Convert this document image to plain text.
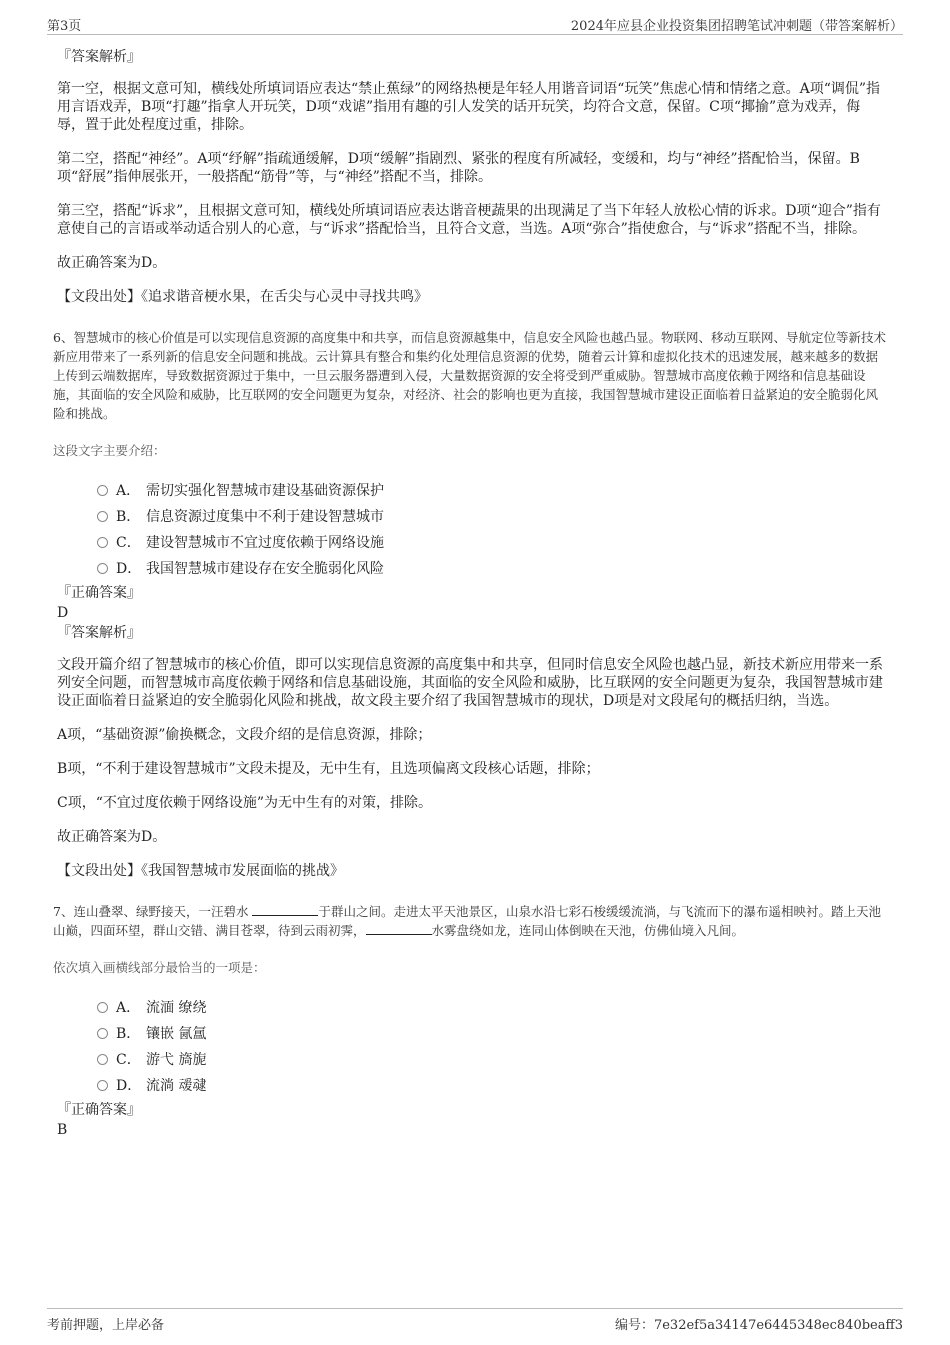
第3页	2024年应县企业投资集团招聘笔试冲刺题（带答案解析）

『答案解析』

第一空，根据文意可知，横线处所填词语应表达“禁止蕉绿”的网络热梗是年轻人用谐音词语“玩笑”焦虑心情和情绪之意。A项“调侃”指用言语戏弄，B项“打趣”指拿人开玩笑，D项“戏谑”指用有趣的引人发笑的话开玩笑，均符合文意，保留。C项“揶揄”意为戏弄，侮辱，置于此处程度过重，排除。

第二空，搭配“神经”。A项“纾解”指疏通缓解，D项“缓解”指剧烈、紧张的程度有所减轻，变缓和，均与“神经”搭配恰当，保留。B项“舒展”指伸展张开，一般搭配“筋骨”等，与“神经”搭配不当，排除。

第三空，搭配“诉求”，且根据文意可知，横线处所填词语应表达谐音梗蔬果的出现满足了当下年轻人放松心情的诉求。D项“迎合”指有意使自己的言语或举动适合别人的心意，与“诉求”搭配恰当，且符合文意，当选。A项“弥合”指使愈合，与“诉求”搭配不当，排除。

故正确答案为D。

【文段出处】《追求谐音梗水果，在舌尖与心灵中寻找共鸣》

6、智慧城市的核心价值是可以实现信息资源的高度集中和共享，而信息资源越集中，信息安全风险也越凸显。物联网、移动互联网、导航定位等新技术新应用带来了一系列新的信息安全问题和挑战。云计算具有整合和集约化处理信息资源的优势，随着云计算和虚拟化技术的迅速发展，越来越多的数据上传到云端数据库，导致数据资源过于集中，一旦云服务器遭到入侵，大量数据资源的安全将受到严重威胁。智慧城市高度依赖于网络和信息基础设施，其面临的安全风险和威胁，比互联网的安全问题更为复杂，对经济、社会的影响也更为直接，我国智慧城市建设正面临着日益紧迫的安全脆弱化风险和挑战。

这段文字主要介绍：

A． 需切实强化智慧城市建设基础资源保护
B． 信息资源过度集中不利于建设智慧城市
C． 建设智慧城市不宜过度依赖于网络设施
D． 我国智慧城市建设存在安全脆弱化风险

『正确答案』

D

『答案解析』

文段开篇介绍了智慧城市的核心价值，即可以实现信息资源的高度集中和共享，但同时信息安全风险也越凸显，新技术新应用带来一系列安全问题，而智慧城市高度依赖于网络和信息基础设施，其面临的安全风险和威胁，比互联网的安全问题更为复杂，我国智慧城市建设正面临着日益紧迫的安全脆弱化风险和挑战，故文段主要介绍了我国智慧城市的现状，D项是对文段尾句的概括归纳，当选。

A项，“基础资源”偷换概念，文段介绍的是信息资源，排除；

B项，“不利于建设智慧城市”文段未提及，无中生有，且选项偏离文段核心话题，排除；

C项，“不宜过度依赖于网络设施”为无中生有的对策，排除。

故正确答案为D。

【文段出处】《我国智慧城市发展面临的挑战》

7、连山叠翠、绿野接天，一汪碧水	于群山之间。走进太平天池景区，山泉水沿七彩石梭缓缓流淌，与飞流而下的瀑布遥相映衬。踏上天池山巅，四面环望，群山交错、满目苍翠，待到云雨初霁，	水雾盘绕如龙，连同山体倒映在天池，仿佛仙境入凡间。

依次填入画横线部分最恰当的一项是：

A． 流湎 缭绕
B． 镶嵌 氤氲
C． 游弋 旖旎
D． 流淌 叆叇

『正确答案』

B

考前押题，上岸必备	编号：7e32ef5a34147e6445348ec840beaff3
